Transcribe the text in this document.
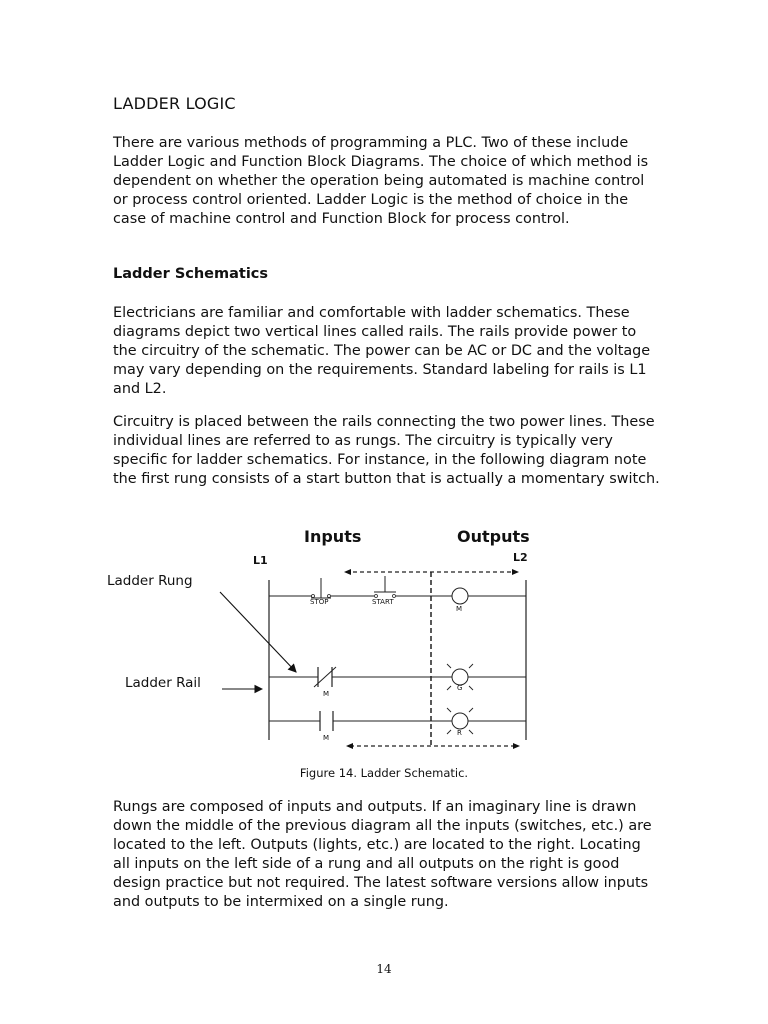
LADDER LOGIC

There are various methods of programming a PLC. Two of these include Ladder Logic and Function Block Diagrams. The choice of which method is dependent on whether the operation being automated is machine control or process control oriented. Ladder Logic is the method of choice in the case of machine control and Function Block for process control.

Ladder Schematics

Electricians are familiar and comfortable with ladder schematics. These diagrams depict two vertical lines called rails. The rails provide power to the circuitry of the schematic. The power can be AC or DC and the voltage may vary depending on the requirements. Standard labeling for rails is L1 and L2.

Circuitry is placed between the rails connecting the two power lines. These individual lines are referred to as rungs. The circuitry is typically very specific for ladder schematics. For instance, in the following diagram note the first rung consists of a start button that is actually a momentary switch.

Ladder Rung
Ladder Rail
Inputs	Outputs
L1	L2
STOP	START
M
M
G
M
R
Figure 14. Ladder Schematic.

Rungs are composed of inputs and outputs. If an imaginary line is drawn down the middle of the previous diagram all the inputs (switches, etc.) are located to the left. Outputs (lights, etc.) are located to the right. Locating all inputs on the left side of a rung and all outputs on the right is good design practice but not required. The latest software versions allow inputs and outputs to be intermixed on a single rung.

14
